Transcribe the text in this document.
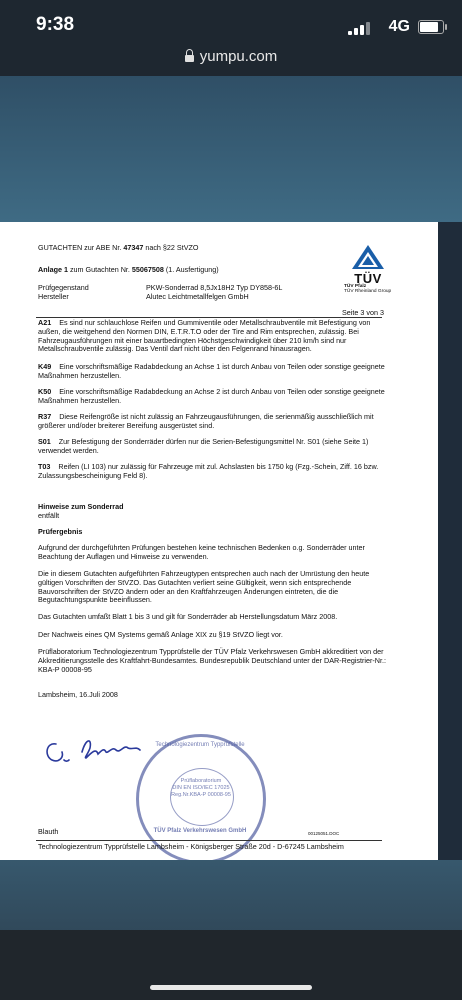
9:38	4G
yumpu.com
GUTACHTEN zur ABE Nr. 47347 nach §22 StVZO
Anlage 1 zum Gutachten Nr. 55067508 (1. Ausfertigung)
TÜV
TÜV Pfalz
TÜV Rheinland Group
Prüfgegenstand	PKW-Sonderrad 8,5Jx18H2 Typ DY858-6L
Hersteller	Alutec Leichtmetallfelgen GmbH
Seite 3 von 3
A21 Es sind nur schlauchlose Reifen und Gummiventile oder Metallschraubventile mit Befestigung von außen, die weitgehend den Normen DIN, E.T.R.T.O oder der Tire and Rim entsprechen, zulässig. Bei Fahrzeugausführungen mit einer bauartbedingten Höchstgeschwindigkeit über 210 km/h sind nur Metallschraubventile zulässig. Das Ventil darf nicht über den Felgenrand hinausragen.
K49 Eine vorschriftsmäßige Radabdeckung an Achse 1 ist durch Anbau von Teilen oder sonstige geeignete Maßnahmen herzustellen.
K50 Eine vorschriftsmäßige Radabdeckung an Achse 2 ist durch Anbau von Teilen oder sonstige geeignete Maßnahmen herzustellen.
R37 Diese Reifengröße ist nicht zulässig an Fahrzeugausführungen, die serienmäßig ausschließlich mit größerer und/oder breiterer Bereifung ausgerüstet sind.
S01 Zur Befestigung der Sonderräder dürfen nur die Serien-Befestigungsmittel Nr. S01 (siehe Seite 1) verwendet werden.
T03 Reifen (LI 103) nur zulässig für Fahrzeuge mit zul. Achslasten bis 1750 kg (Fzg.-Schein, Ziff. 16 bzw. Zulassungsbescheinigung Feld 8).
Hinweise zum Sonderrad
entfällt
Prüfergebnis
Aufgrund der durchgeführten Prüfungen bestehen keine technischen Bedenken o.g. Sonderräder unter Beachtung der Auflagen und Hinweise zu verwenden.
Die in diesem Gutachten aufgeführten Fahrzeugtypen entsprechen auch nach der Umrüstung den heute gültigen Vorschriften der StVZO. Das Gutachten verliert seine Gültigkeit, wenn sich entsprechende Bauvorschriften der StVZO ändern oder an den Kraftfahrzeugen Änderungen eintreten, die die Begutachtungspunkte beeinflussen.
Das Gutachten umfaßt Blatt 1 bis 3 und gilt für Sonderräder ab Herstellungsdatum März 2008.
Der Nachweis eines QM Systems gemäß Anlage XIX zu §19 StVZO liegt vor.
Prüflaboratorium Technologiezentrum Typprüfstelle der TÜV Pfalz Verkehrswesen GmbH akkreditiert von der Akkreditierungsstelle des Kraftfahrt-Bundesamtes. Bundesrepublik Deutschland unter der DAR-Registrier-Nr.: KBA-P 00008-95
Lambsheim, 16.Juli 2008
Technologiezentrum Typprüfstelle
Prüflaboratorium
DIN EN ISO/IEC 17025
Reg.Nr.KBA-P 00008-95
TÜV Pfalz Verkehrswesen GmbH
Blauth	00125051.DOC
Technologiezentrum Typprüfstelle Lambsheim - Königsberger Straße 20d - D-67245 Lambsheim
